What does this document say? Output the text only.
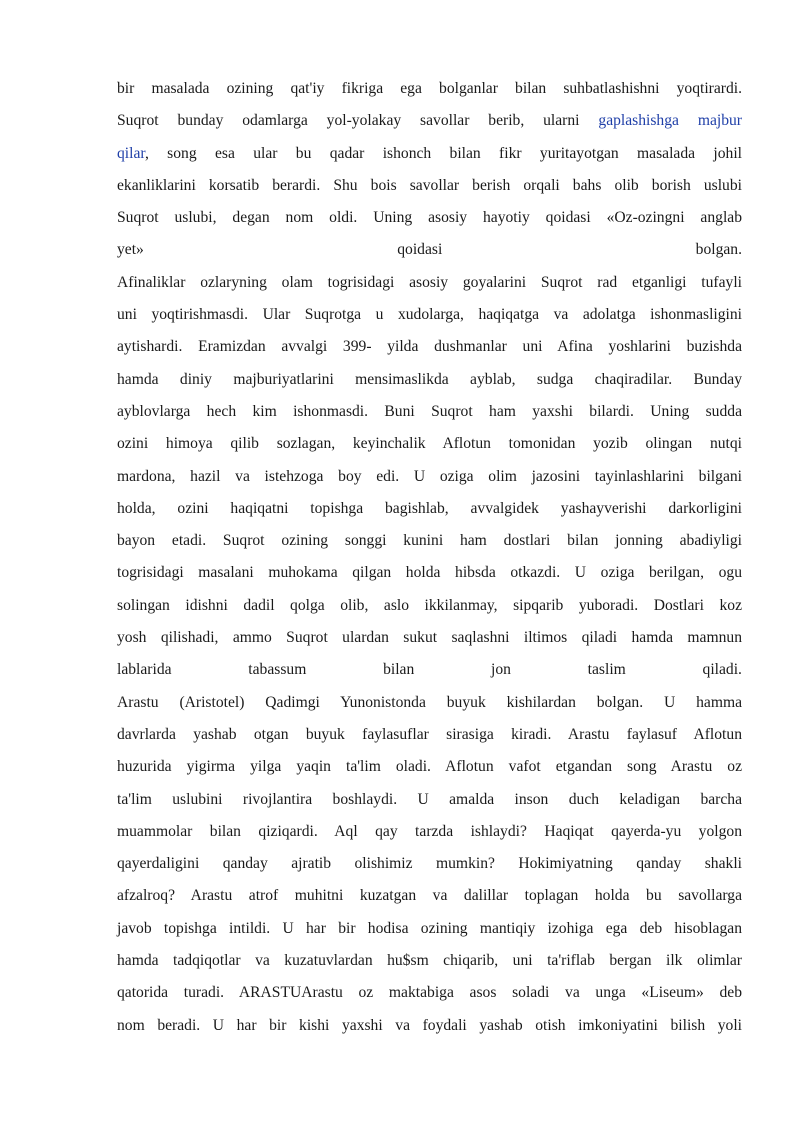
bir masalada ozining qat'iy fikriga ega bolganlar bilan suhbatlashishni yoqtirardi.
Suqrot bunday odamlarga yol-yolakay savollar berib, ularni gaplashishga majbur
qilar, song esa ular bu qadar ishonch bilan fikr yuritayotgan masalada johil
ekanliklarini korsatib berardi. Shu bois savollar berish orqali bahs olib borish uslubi
Suqrot uslubi, degan nom oldi. Uning asosiy hayotiy qoidasi «Oz-ozingni anglab
yet»	qoidasi	bolgan.
Afinaliklar ozlaryning olam togrisidagi asosiy goyalarini Suqrot rad etganligi tufayli
uni yoqtirishmasdi. Ular Suqrotga u xudolarga, haqiqatga va adolatga ishonmasligini
aytishardi. Eramizdan avvalgi 399- yilda dushmanlar uni Afina yoshlarini buzishda
hamda diniy majburiyatlarini mensimaslikda ayblab, sudga chaqiradilar. Bunday
ayblovlarga hech kim ishonmasdi. Buni Suqrot ham yaxshi bilardi. Uning sudda
ozini himoya qilib sozlagan, keyinchalik Aflotun tomonidan yozib olingan nutqi
mardona, hazil va istehzoga boy edi. U oziga olim jazosini tayinlashlarini bilgani
holda, ozini haqiqatni topishga bagishlab, avvalgidek yashayverishi darkorligini
bayon etadi. Suqrot ozining songgi kunini ham dostlari bilan jonning abadiyligi
togrisidagi masalani muhokama qilgan holda hibsda otkazdi. U oziga berilgan, ogu
solingan idishni dadil qolga olib, aslo ikkilanmay, sipqarib yuboradi. Dostlari koz
yosh qilishadi, ammo Suqrot ulardan sukut saqlashni iltimos qiladi hamda mamnun
lablarida	tabassum	bilan	jon	taslim	qiladi.
Arastu (Aristotel) Qadimgi Yunonistonda buyuk kishilardan bolgan. U hamma
davrlarda yashab otgan buyuk faylasuflar sirasiga kiradi. Arastu faylasuf Aflotun
huzurida yigirma yilga yaqin ta'lim oladi. Aflotun vafot etgandan song Arastu oz
ta'lim uslubini rivojlantira boshlaydi. U amalda inson duch keladigan barcha
muammolar bilan qiziqardi. Aql qay tarzda ishlaydi? Haqiqat qayerda-yu yolgon
qayerdaligini qanday ajratib olishimiz mumkin? Hokimiyatning qanday shakli
afzalroq? Arastu atrof muhitni kuzatgan va dalillar toplagan holda bu savollarga
javob topishga intildi. U har bir hodisa ozining mantiqiy izohiga ega deb hisoblagan
hamda tadqiqotlar va kuzatuvlardan hu$sm chiqarib, uni ta'riflab bergan ilk olimlar
qatorida turadi. ARASTUArastu oz maktabiga asos soladi va unga «Liseum» deb
nom beradi. U har bir kishi yaxshi va foydali yashab otish imkoniyatini bilish yoli
